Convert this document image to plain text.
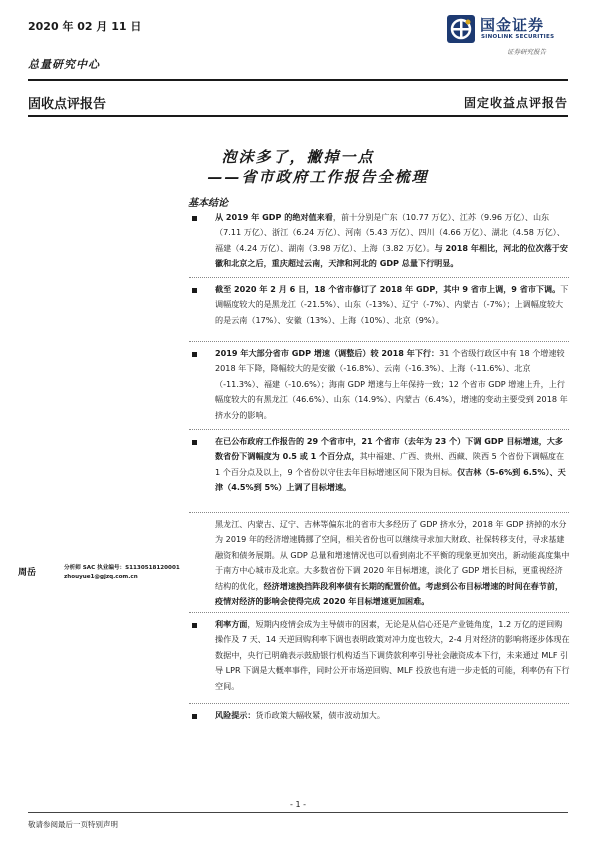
2020 年 02 月 11 日
总量研究中心
国金证券
SINOLINK SECURITIES
证券研究报告
固收点评报告	固定收益点评报告
泡沫多了，撇掉一点
——省市政府工作报告全梳理
基本结论
从 2019 年 GDP 的绝对值来看，前十分别是广东（10.77 万亿）、江苏（9.96 万亿）、山东（7.11 万亿）、浙江（6.24 万亿）、河南（5.43 万亿）、四川（4.66 万亿）、湖北（4.58 万亿）、福建（4.24 万亿）、湖南（3.98 万亿）、上海（3.82 万亿）。与 2018 年相比，河北的位次落于安徽和北京之后，重庆超过云南，天津和河北的 GDP 总量下行明显。
截至 2020 年 2 月 6 日，18 个省市修订了 2018 年 GDP，其中 9 省市上调，9 省市下调。下调幅度较大的是黑龙江（-21.5%）、山东（-13%）、辽宁（-7%）、内蒙古（-7%）；上调幅度较大的是云南（17%）、安徽（13%）、上海（10%）、北京（9%）。
2019 年大部分省市 GDP 增速（调整后）较 2018 年下行：31 个省级行政区中有 18 个增速较 2018 年下降，降幅较大的是安徽（-16.8%）、云南（-16.3%）、上海（-11.6%）、北京（-11.3%）、福建（-10.6%）；海南 GDP 增速与上年保持一致；12 个省市 GDP 增速上升，上行幅度较大的有黑龙江（46.6%）、山东（14.9%）、内蒙古（6.4%），增速的变动主要受到 2018 年挤水分的影响。
在已公布政府工作报告的 29 个省市中，21 个省市（去年为 23 个）下调 GDP 目标增速，大多数省份下调幅度为 0.5 或 1 个百分点，其中福建、广西、贵州、西藏、陕西 5 个省份下调幅度在 1 个百分点及以上，9 个省份以守住去年目标增速区间下限为目标。仅吉林（5-6%到 6.5%）、天津（4.5%到 5%）上调了目标增速。
黑龙江、内蒙古、辽宁、吉林等偏东北的省市大多经历了 GDP 挤水分，2018 年 GDP 挤掉的水分为 2019 年的经济增速腾挪了空间，相关省份也可以继续寻求加大财政、社保转移支付，寻求基建融资和债务展期。从 GDP 总量和增速情况也可以看到南北不平衡的现象更加突出，新动能高度集中于南方中心城市及北京。大多数省份下调 2020 年目标增速，淡化了 GDP 增长目标，更重视经济结构的优化，经济增速换挡阵段利率债有长期的配置价值。考虑到公布目标增速的时间在春节前，疫情对经济的影响会使得完成 2020 年目标增速更加困难。
利率方面，短期内疫情会成为主导债市的因素，无论是从信心还是产业链角度，1.2 万亿的逆回购操作及 7 天、14 天逆回购利率下调也表明政策对冲力度也较大，2-4 月对经济的影响将逐步体现在数据中，央行已明确表示鼓励银行机构适当下调贷款利率引导社会融资成本下行，未来通过 MLF 引导 LPR 下调是大概率事件，同时公开市场逆回购、MLF 投放也有进一步走低的可能，利率仍有下行空间。
风险提示：货币政策大幅收紧，债市波动加大。
周岳	分析师 SAC 执业编号：S1130518120001
zhouyue1@gjzq.com.cn
- 1 -
敬请参阅最后一页特别声明
